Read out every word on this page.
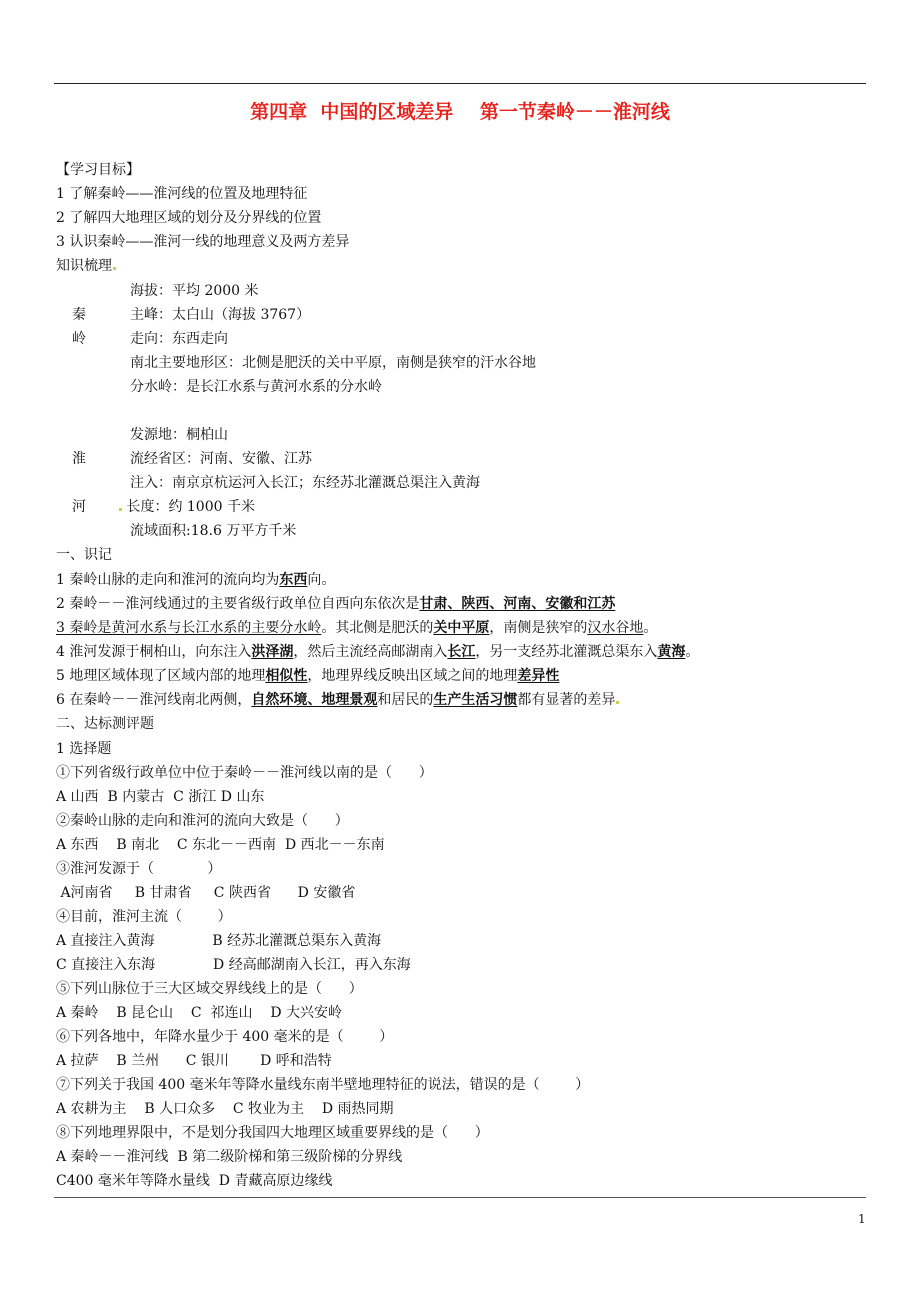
第四章  中国的区域差异    第一节秦岭－－淮河线
【学习目标】
1 了解秦岭——淮河线的位置及地理特征
2 了解四大地理区域的划分及分界线的位置
3 认识秦岭——淮河一线的地理意义及两方差异
知识梳理
海拔：平均 2000 米
秦	主峰：太白山（海拔 3767）
岭	走向：东西走向
南北主要地形区：北侧是肥沃的关中平原，南侧是狭窄的汗水谷地
分水岭：是长江水系与黄河水系的分水岭
发源地：桐柏山
淮	流经省区：河南、安徽、江苏
注入：南京京杭运河入长江；东经苏北灌溉总渠注入黄海
河	长度：约 1000 千米
流域面积:18.6 万平方千米
一、识记
1 秦岭山脉的走向和淮河的流向均为东西向。
2 秦岭－－淮河线通过的主要省级行政单位自西向东依次是甘肃、陕西、河南、安徽和江苏
3 秦岭是黄河水系与长江水系的主要分水岭。其北侧是肥沃的关中平原，南侧是狭窄的汉水谷地。
4 淮河发源于桐柏山，向东注入洪泽湖，然后主流经高邮湖南入长江，另一支经苏北灌溉总渠东入黄海。
5 地理区域体现了区域内部的地理相似性，地理界线反映出区域之间的地理差异性
6 在秦岭－－淮河线南北两侧，自然环境、地理景观和居民的生产生活习惯都有显著的差异
二、达标测评题
1 选择题
①下列省级行政单位中位于秦岭－－淮河线以南的是（      ）
A 山西  B 内蒙古  C 浙江 D 山东
②秦岭山脉的走向和淮河的流向大致是（      ）
A 东西    B 南北    C 东北－－西南  D 西北－－东南
③淮河发源于（            ）
A河南省     B 甘肃省     C 陕西省      D 安徽省
④目前，淮河主流（        ）
A 直接注入黄海             B 经苏北灌溉总渠东入黄海
C 直接注入东海             D 经高邮湖南入长江，再入东海
⑤下列山脉位于三大区域交界线线上的是（      ）
A 秦岭    B 昆仑山    C  祁连山    D 大兴安岭
⑥下列各地中，年降水量少于 400 毫米的是（        ）
A 拉萨    B 兰州      C 银川       D 呼和浩特
⑦下列关于我国 400 毫米年等降水量线东南半壁地理特征的说法，错误的是（        ）
A 农耕为主    B 人口众多    C 牧业为主    D 雨热同期
⑧下列地理界限中，不是划分我国四大地理区域重要界线的是（      ）
A 秦岭－－淮河线  B 第二级阶梯和第三级阶梯的分界线
C400 毫米年等降水量线  D 青藏高原边缘线
1
